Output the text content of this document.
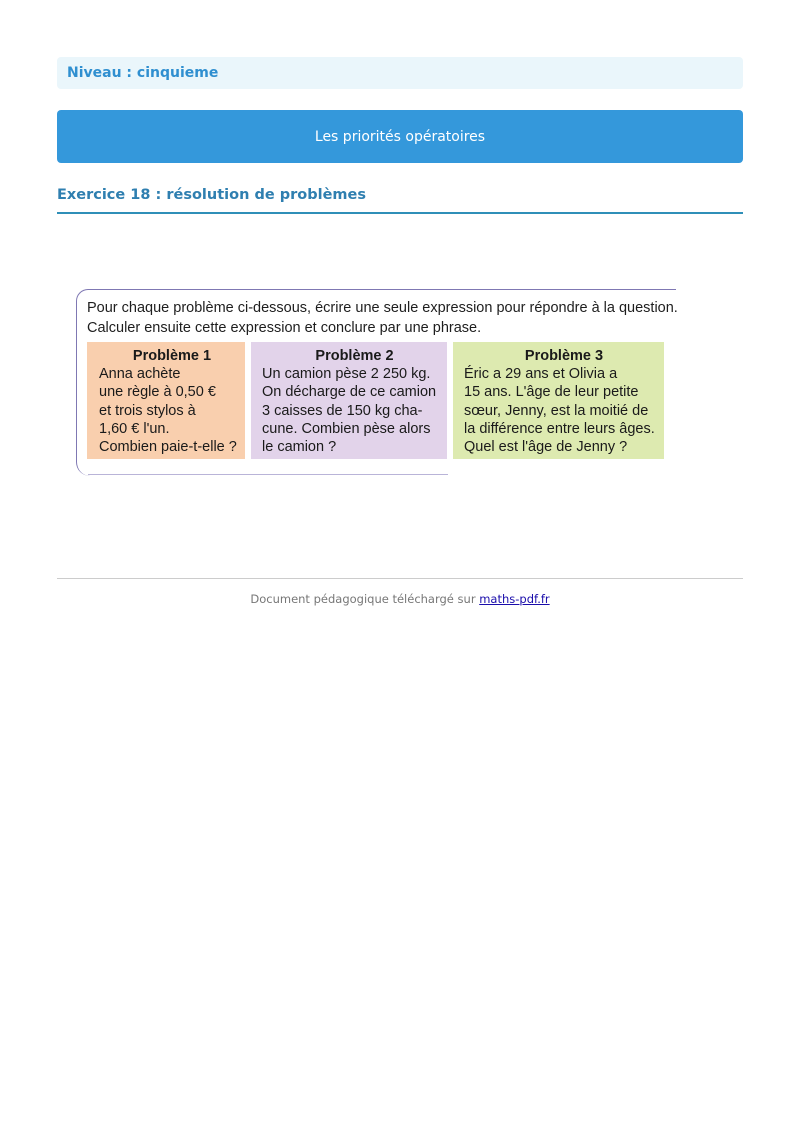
Niveau : cinquieme
Les priorités opératoires
Exercice 18 : résolution de problèmes
Pour chaque problème ci-dessous, écrire une seule expression pour répondre à la question.
Calculer ensuite cette expression et conclure par une phrase.
Problème 1
Anna achète
une règle à 0,50 €
et trois stylos à
1,60 € l'un.
Combien paie-t-elle ?
Problème 2
Un camion pèse 2 250 kg.
On décharge de ce camion
3 caisses de 150 kg cha-
cune. Combien pèse alors
le camion ?
Problème 3
Éric a 29 ans et Olivia a
15 ans. L'âge de leur petite
sœur, Jenny, est la moitié de
la différence entre leurs âges.
Quel est l'âge de Jenny ?
Document pédagogique téléchargé sur maths-pdf.fr
